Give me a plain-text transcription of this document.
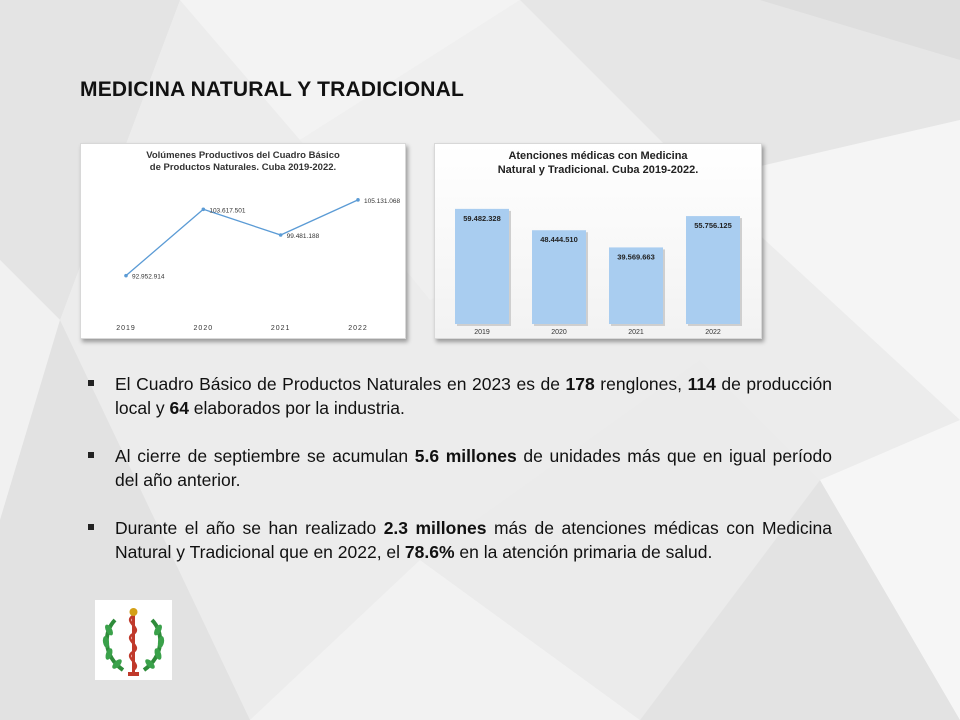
MEDICINA NATURAL Y TRADICIONAL
Volúmenes Productivos del Cuadro Básico
de Productos Naturales. Cuba 2019-2022.
92.952.914
2019
103.617.501
2020
99.481.188
2021
105.131.068
2022
Atenciones médicas con Medicina
Natural y Tradicional. Cuba 2019-2022.
59.482.328
2019
48.444.510
2020
39.569.663
2021
55.756.125
2022
El Cuadro Básico de Productos Naturales en 2023 es de 178 renglones, 114 de producción local y 64 elaborados por la industria.
Al cierre de septiembre se acumulan 5.6 millones de unidades más que en igual período del año anterior.
Durante el año se han realizado 2.3 millones más de atenciones médicas con Medicina Natural y Tradicional que en 2022, el 78.6% en la atención primaria de salud.
